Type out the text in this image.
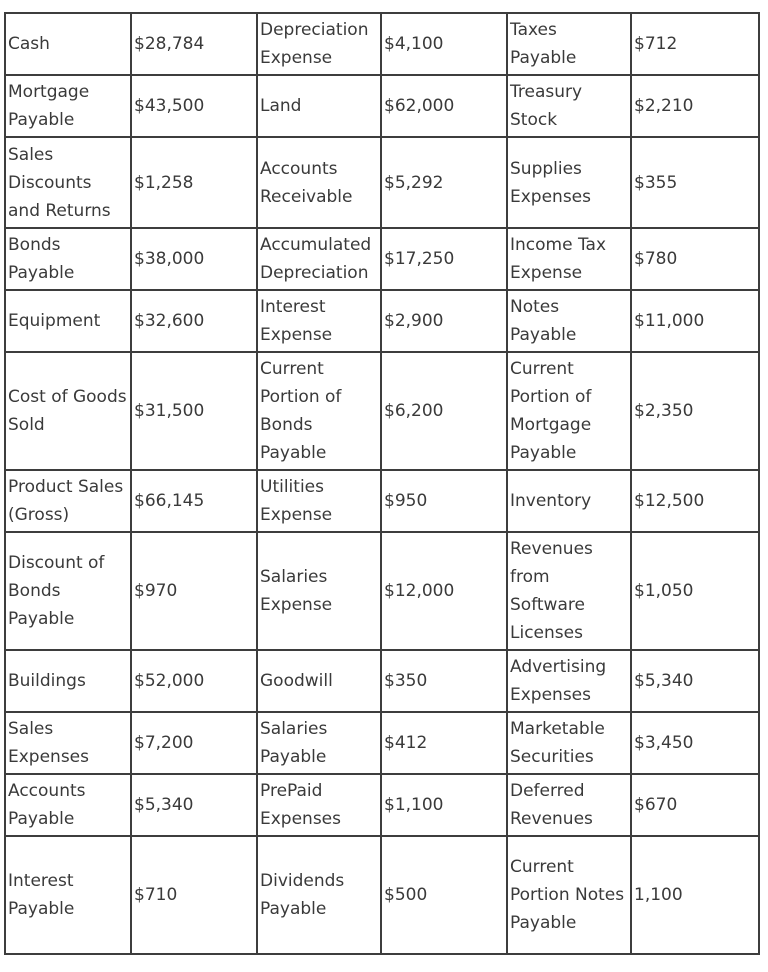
Cash	$28,784	Depreciation Expense	$4,100	Taxes Payable	$712
Mortgage Payable	$43,500	Land	$62,000	Treasury Stock	$2,210
Sales Discounts and Returns	$1,258	Accounts Receivable	$5,292	Supplies Expenses	$355
Bonds Payable	$38,000	Accumulated Depreciation	$17,250	Income Tax Expense	$780
Equipment	$32,600	Interest Expense	$2,900	Notes Payable	$11,000
Cost of Goods Sold	$31,500	Current Portion of Bonds Payable	$6,200	Current Portion of Mortgage Payable	$2,350
Product Sales (Gross)	$66,145	Utilities Expense	$950	Inventory	$12,500
Discount of Bonds Payable	$970	Salaries Expense	$12,000	Revenues from Software Licenses	$1,050
Buildings	$52,000	Goodwill	$350	Advertising Expenses	$5,340
Sales Expenses	$7,200	Salaries Payable	$412	Marketable Securities	$3,450
Accounts Payable	$5,340	PrePaid Expenses	$1,100	Deferred Revenues	$670
Interest Payable	$710	Dividends Payable	$500	Current Portion Notes Payable	1,100
